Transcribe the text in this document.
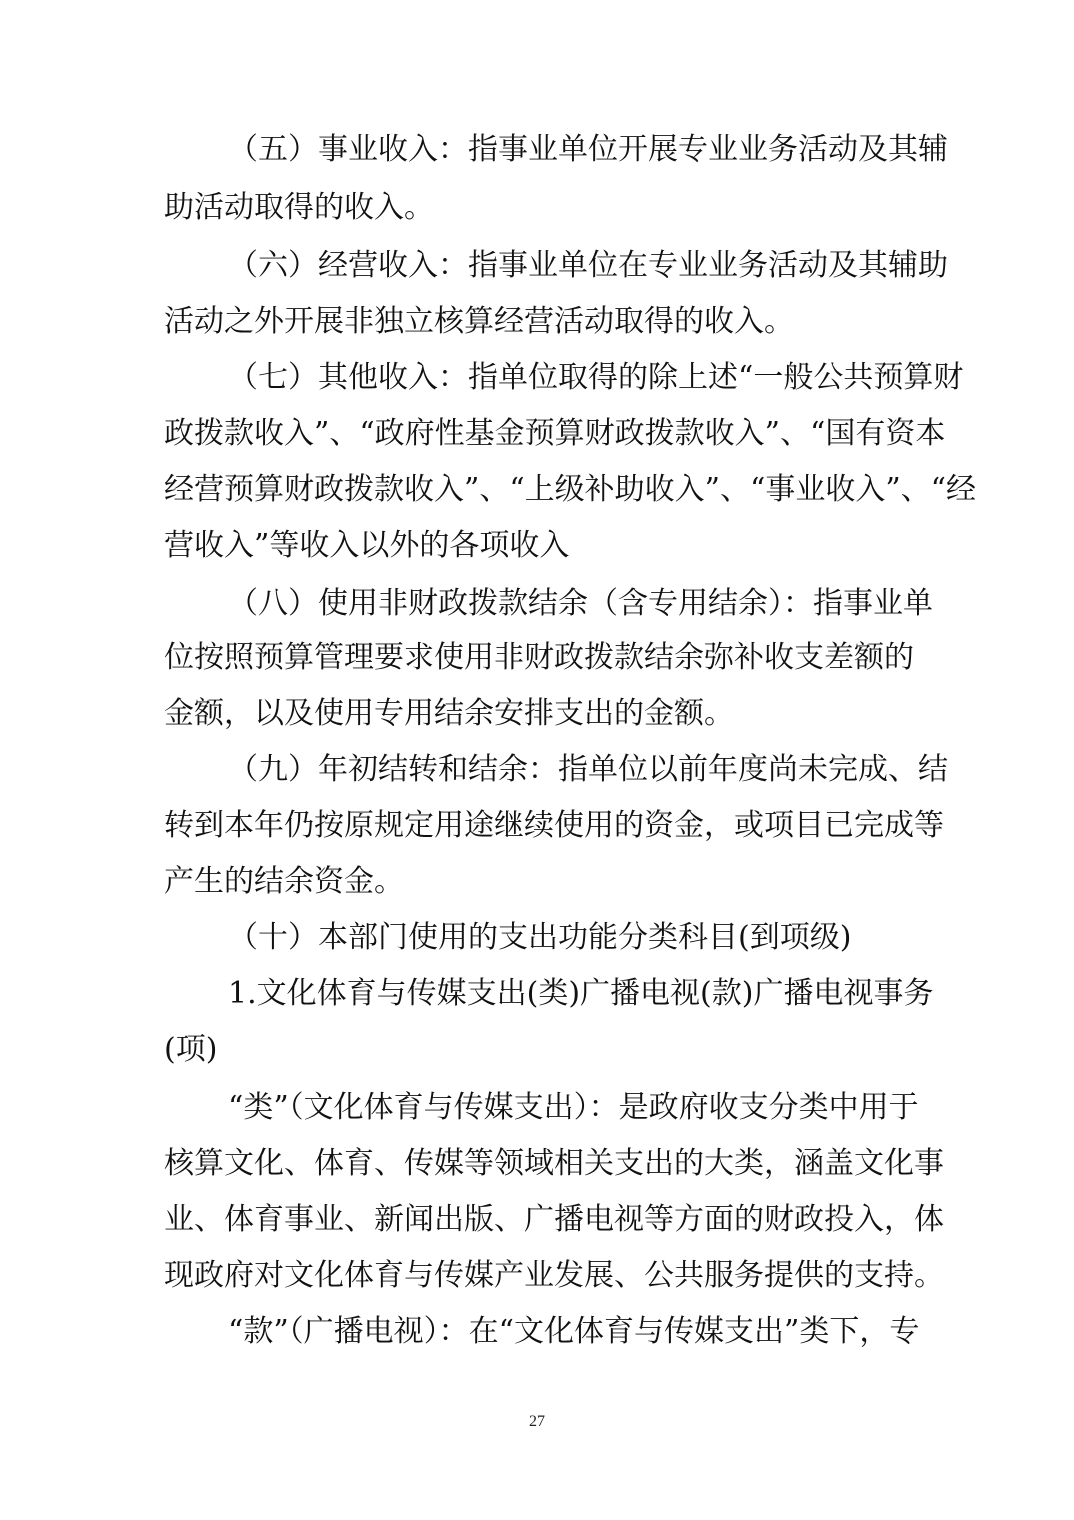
（五）事业收入：指事业单位开展专业业务活动及其辅
助活动取得的收入。
（六）经营收入：指事业单位在专业业务活动及其辅助
活动之外开展非独立核算经营活动取得的收入。
（七）其他收入：指单位取得的除上述“一般公共预算财
政拨款收入”、“政府性基金预算财政拨款收入”、“国有资本
经营预算财政拨款收入”、“上级补助收入”、“事业收入”、“经
营收入”等收入以外的各项收入
（八）使用非财政拨款结余（含专用结余）：指事业单
位按照预算管理要求使用非财政拨款结余弥补收支差额的
金额，以及使用专用结余安排支出的金额。
（九）年初结转和结余：指单位以前年度尚未完成、结
转到本年仍按原规定用途继续使用的资金，或项目已完成等
产生的结余资金。
（十）本部门使用的支出功能分类科目(到项级)
1.文化体育与传媒支出(类)广播电视(款)广播电视事务
(项)
“类”（文化体育与传媒支出）：是政府收支分类中用于
核算文化、体育、传媒等领域相关支出的大类，涵盖文化事
业、体育事业、新闻出版、广播电视等方面的财政投入，体
现政府对文化体育与传媒产业发展、公共服务提供的支持。
“款”（广播电视）：在“文化体育与传媒支出”类下，专
27
